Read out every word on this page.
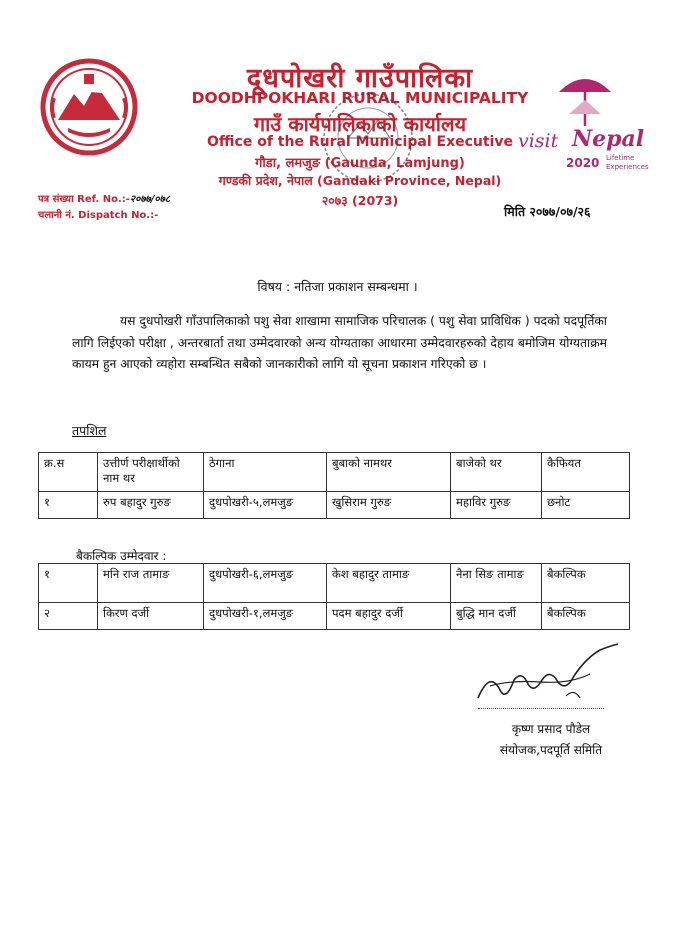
दूधपोखरी गाउँपालिका
DOODHPOKHARI RURAL MUNICIPALITY
गाउँ कार्यपालिकाको कार्यालय
Office of the Rural Municipal Executive
गौडा, लमजुङ (Gaunda, Lamjung)
गण्डकी प्रदेश, नेपाल (Gandaki Province, Nepal)
२०७३ (2073)
visit Nepal
2020 Lifetime
Experiences
पत्र संख्या Ref. No.:-२०७७/०७८
चलानी नं. Dispatch No.:-	मिति २०७७/०७/२६
विषय : नतिजा प्रकाशन सम्बन्धमा ।
यस दुधपोखरी गाँउपालिकाको पशु सेवा शाखामा सामाजिक परिचालक ( पशु सेवा प्राविधिक ) पदको पदपूर्तिका लागि लिईएको परीक्षा , अन्तरबार्ता तथा उम्मेदवारको अन्य योग्यताका आधारमा उम्मेदवारहरुको देहाय बमोजिम योग्यताक्रम कायम हुन आएको व्यहोरा सम्बन्धित सबैको जानकारीको लागि यो सूचना प्रकाशन गरिएको छ ।
तपशिल
क्र.स	उत्तीर्ण परीक्षार्थीको नाम थर	ठेगाना	बुबाको नामथर	बाजेको थर	कैफियत
१	रुप बहादुर गुरुङ	दुधपोखरी-५,लमजुङ	खुसिराम गुरुङ	महाविर गुरुङ	छनोट
बैकल्पिक उम्मेदवार :
१	मनि राज तामाङ	दुधपोखरी-६,लमजुङ	केश बहादुर तामाङ	नैना सिङ तामाङ	बैकल्पिक
२	किरण दर्जी	दुधपोखरी-१,लमजुङ	पदम बहादुर दर्जी	बुद्धि मान दर्जी	बैकल्पिक
कृष्ण प्रसाद पौडेल
संयोजक,पदपूर्ति समिति
